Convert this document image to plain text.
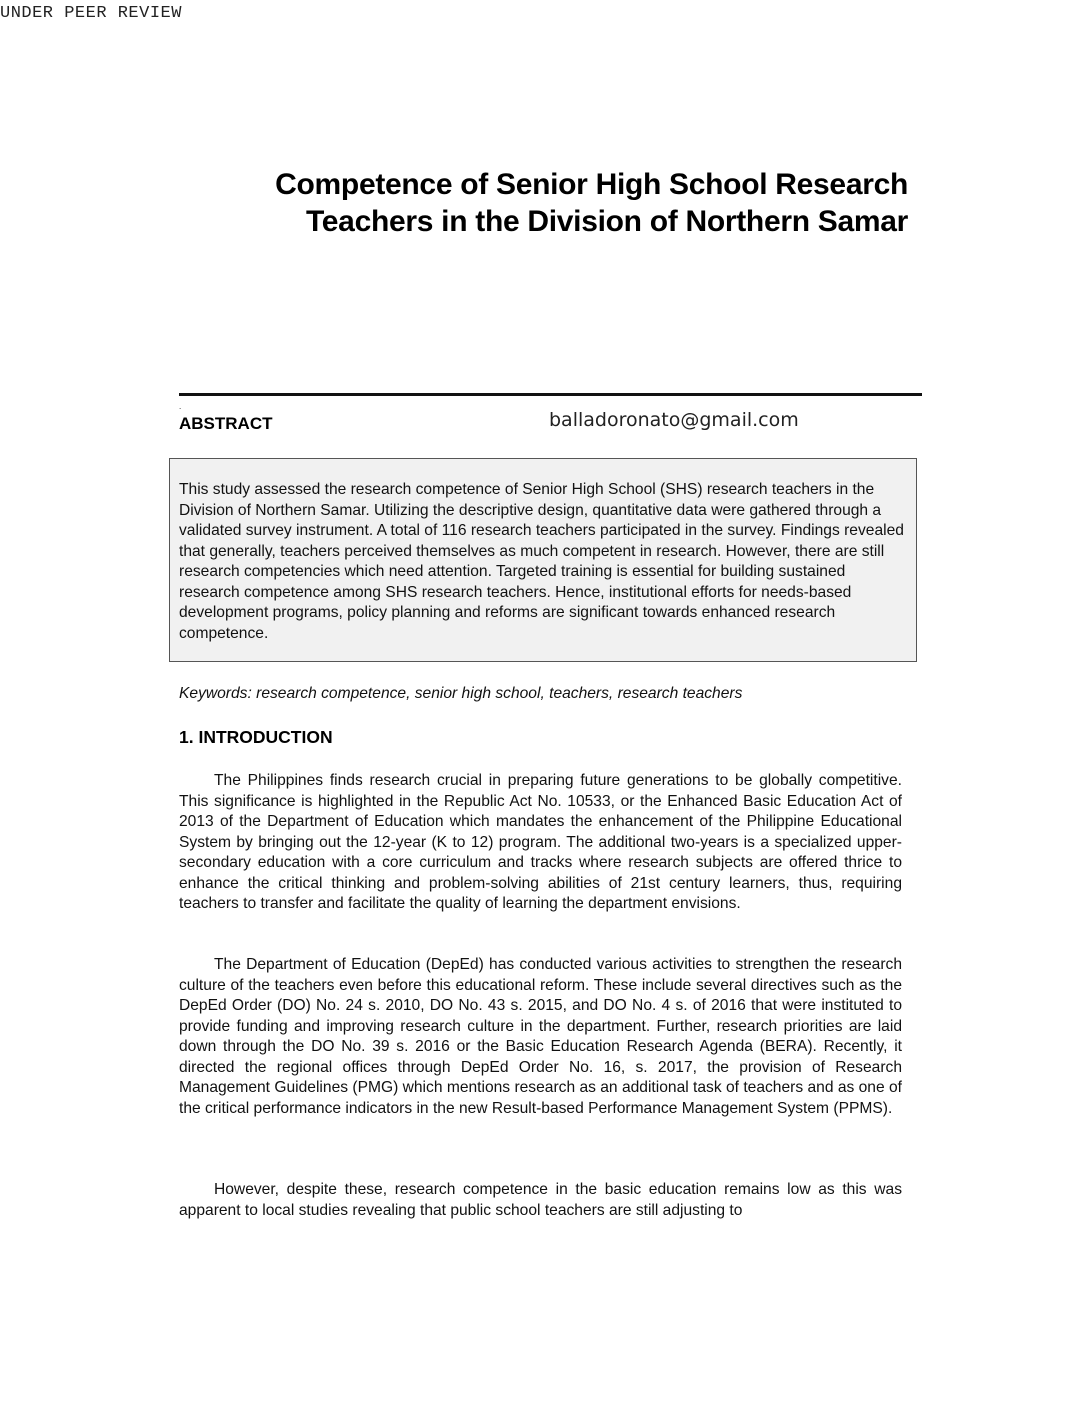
UNDER PEER REVIEW
Competence of Senior High School Research
Teachers in the Division of Northern Samar
.
ABSTRACT	balladoronato@gmail.com
This study assessed the research competence of Senior High School (SHS) research teachers in the Division of Northern Samar. Utilizing the descriptive design, quantitative data were gathered through a validated survey instrument. A total of 116 research teachers participated in the survey. Findings revealed that generally, teachers perceived themselves as much competent in research. However, there are still research competencies which need attention. Targeted training is essential for building sustained research competence among SHS research teachers. Hence, institutional efforts for needs-based development programs, policy planning and reforms are significant towards enhanced research competence.
Keywords: research competence, senior high school, teachers, research teachers
1. INTRODUCTION
The Philippines finds research crucial in preparing future generations to be globally competitive. This significance is highlighted in the Republic Act No. 10533, or the Enhanced Basic Education Act of 2013 of the Department of Education which mandates the enhancement of the Philippine Educational System by bringing out the 12-year (K to 12) program. The additional two-years is a specialized upper-secondary education with a core curriculum and tracks where research subjects are offered thrice to enhance the critical thinking and problem-solving abilities of 21st century learners, thus, requiring teachers to transfer and facilitate the quality of learning the department envisions.
The Department of Education (DepEd) has conducted various activities to strengthen the research culture of the teachers even before this educational reform. These include several directives such as the DepEd Order (DO) No. 24 s. 2010, DO No. 43 s. 2015, and DO No. 4 s. of 2016 that were instituted to provide funding and improving research culture in the department. Further, research priorities are laid down through the DO No. 39 s. 2016 or the Basic Education Research Agenda (BERA). Recently, it directed the regional offices through DepEd Order No. 16, s. 2017, the provision of Research Management Guidelines (PMG) which mentions research as an additional task of teachers and as one of the critical performance indicators in the new Result-based Performance Management System (PPMS).
However, despite these, research competence in the basic education remains low as this was apparent to local studies revealing that public school teachers are still adjusting to
